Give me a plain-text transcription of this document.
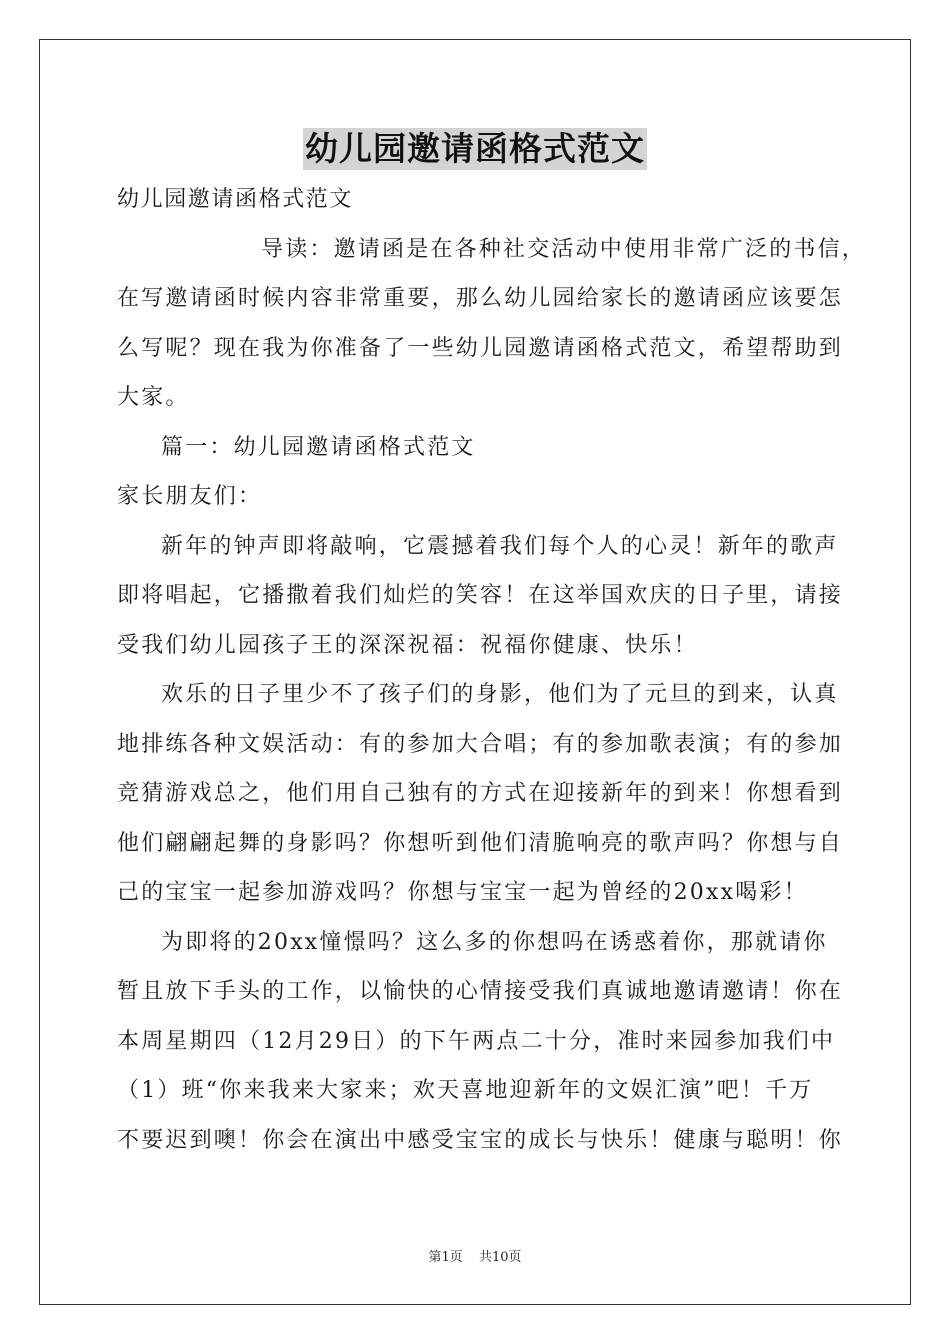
幼儿园邀请函格式范文
幼儿园邀请函格式范文
导读：邀请函是在各种社交活动中使用非常广泛的书信，
在写邀请函时候内容非常重要，那么幼儿园给家长的邀请函应该要怎
么写呢？现在我为你准备了一些幼儿园邀请函格式范文，希望帮助到
大家。
篇一：幼儿园邀请函格式范文
家长朋友们：
新年的钟声即将敲响，它震撼着我们每个人的心灵！新年的歌声
即将唱起，它播撒着我们灿烂的笑容！在这举国欢庆的日子里，请接
受我们幼儿园孩子王的深深祝福：祝福你健康、快乐！
欢乐的日子里少不了孩子们的身影，他们为了元旦的到来，认真
地排练各种文娱活动：有的参加大合唱；有的参加歌表演；有的参加
竞猜游戏总之，他们用自己独有的方式在迎接新年的到来！你想看到
他们翩翩起舞的身影吗？你想听到他们清脆响亮的歌声吗？你想与自
己的宝宝一起参加游戏吗？你想与宝宝一起为曾经的20xx喝彩！
为即将的20xx憧憬吗？这么多的你想吗在诱惑着你，那就请你
暂且放下手头的工作，以愉快的心情接受我们真诚地邀请邀请！你在
本周星期四（12月29日）的下午两点二十分，准时来园参加我们中
（1）班“你来我来大家来；欢天喜地迎新年的文娱汇演”吧！千万
不要迟到噢！你会在演出中感受宝宝的成长与快乐！健康与聪明！你
第1页 共10页
